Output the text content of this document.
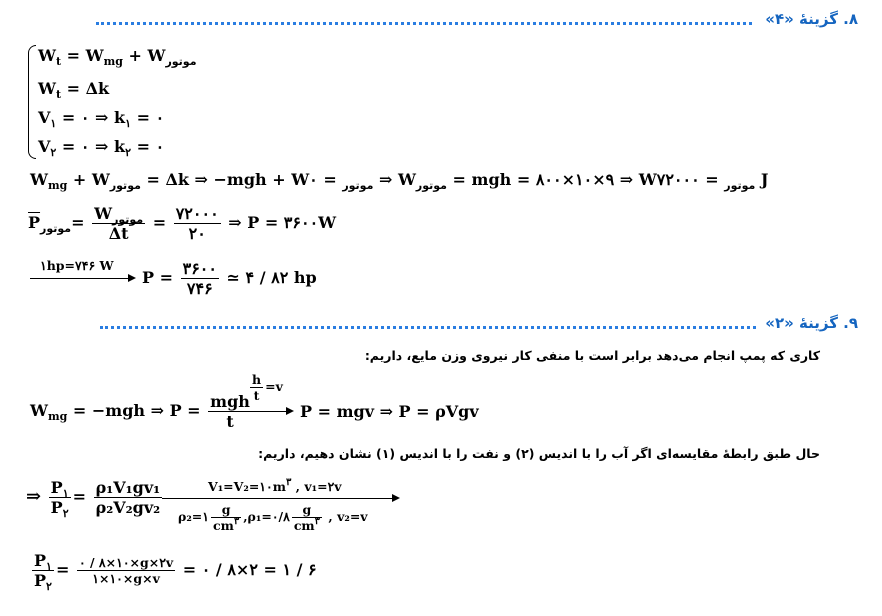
۸. گزینهٔ «۴»
$W_t = W_{mg} + W_{موتور}$
$W_t = \Delta k$
$V_۱$ = ۰ ⇒ $k_۱$ = ۰
$V_۲$ = ۰ ⇒ $k_۲$ = ۰
$W_{mg} + W_{موتور} = \Delta k$ ⇒ −mgh + W	$_{موتور}$ = ۰ ⇒ $W_{موتور}$ = mgh = ۸۰۰×۱۰×۹ ⇒ W	$_{موتور}$ = ۷۲۰۰۰ J
$\overline{P}_{موتور}= \frac{W_{موتور}}{\Delta t} = \frac{۷۲۰۰۰}{۲۰}$ ⇒ P = ۳۶۰۰W
۱hp=۷۴۶ W
$P = \frac{۳۶۰۰}{۷۴۶}$ ≃ ۴ / ۸۲ hp
۹. گزینهٔ «۲»
کاری که پمپ انجام می‌دهد برابر است با منفی کار نیروی وزن مایع، داریم:
$W_{mg} = -mgh$ ⇒ $P = \frac{\text{mgh}}{t}$
$\frac{h}{t} =v$
P = mgv ⇒ P = ρVgv
حال طبق رابطهٔ مقایسه‌ای اگر آب را با اندیس (۲) و نفت را با اندیس (۱) نشان دهیم، داریم:
⇒ $\frac{P_۱}{P_۲} = \frac{\text{ρ₁V₁gv₁}}{\text{ρ₂V₂gv₂}}$	$V_1=V_2=۱۰m^۳$ , v₁=۲v
ρ₂=۱ $\frac{g}{cm^۳}$ ,ρ₁=۰/۸ $\frac{g}{cm^۳}$ , v₂=v
$\frac{P_۱}{P_۲} = \frac{۰ / ۸\times ۱۰\times g\times ۲v}{۱\times ۱۰\times g\times v}$ = ۰ / ۸×۲ = ۱ / ۶
